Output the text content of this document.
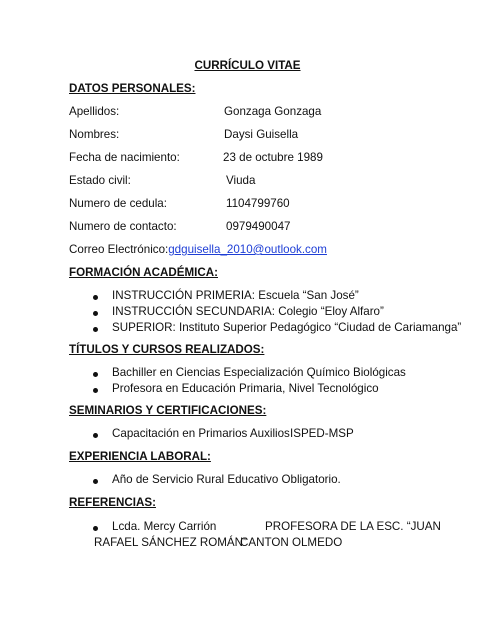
CURRÍCULO VITAE
DATOS PERSONALES:
Apellidos:	Gonzaga Gonzaga
Nombres:	Daysi Guisella
Fecha de nacimiento:	23 de octubre 1989
Estado civil:	Viuda
Numero de cedula:	1104799760
Numero de contacto:	0979490047
Correo Electrónico:gdguisella_2010@outlook.com
FORMACIÓN ACADÉMICA:
INSTRUCCIÓN PRIMERIA: Escuela “San José”
INSTRUCCIÓN SECUNDARIA: Colegio “Eloy Alfaro”
SUPERIOR: Instituto Superior Pedagógico “Ciudad de Cariamanga”
TÍTULOS Y CURSOS REALIZADOS:
Bachiller en Ciencias Especialización Químico Biológicas
Profesora en Educación Primaria, Nivel Tecnológico
SEMINARIOS Y CERTIFICACIONES:
Capacitación en Primarios Auxilios ISPED-MSP
EXPERIENCIA LABORAL:
Año de Servicio Rural Educativo Obligatorio.
REFERENCIAS:
Lcda. Mercy Carrión	PROFESORA DE LA ESC. “JUAN
RAFAEL SÁNCHEZ ROMÁN”
CANTON OLMEDO
